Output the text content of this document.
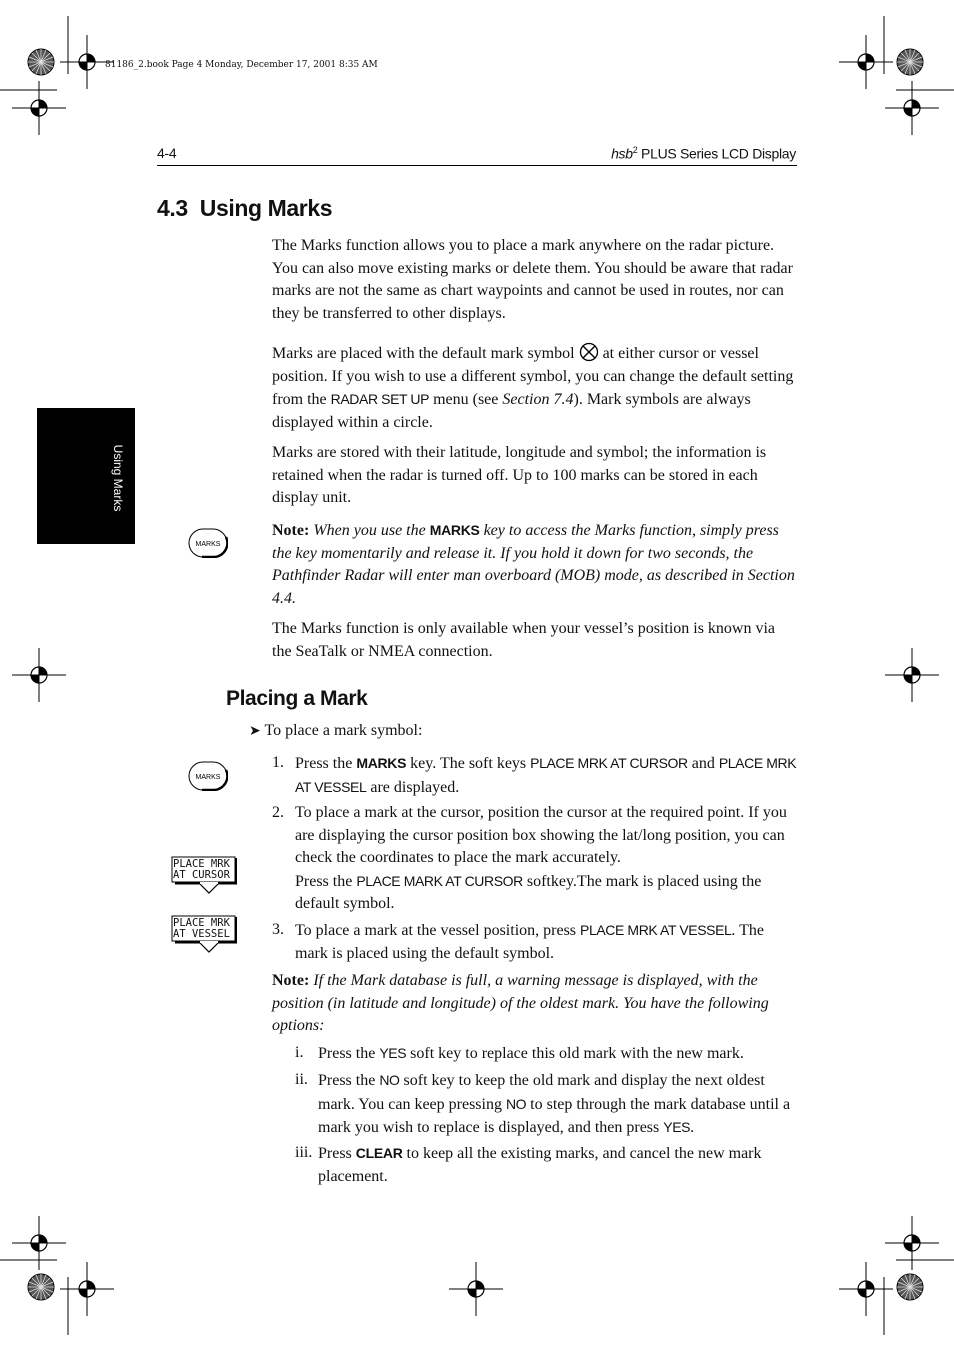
81186_2.book Page 4 Monday, December 17, 2001 8:35 AM
4-4	hsb$^2$ PLUS Series LCD Display
Using Marks
4.3 Using Marks
The Marks function allows you to place a mark anywhere on the radar picture. You can also move existing marks or delete them. You should be aware that radar marks are not the same as chart waypoints and cannot be used in routes, nor can they be transferred to other displays.
Marks are placed with the default mark symbol at either cursor or vessel position. If you wish to use a different symbol, you can change the default setting from the RADAR SET UP menu (see Section 7.4). Mark symbols are always displayed within a circle.
Marks are stored with their latitude, longitude and symbol; the information is retained when the radar is turned off. Up to 100 marks can be stored in each display unit.
MARKS
Note: When you use the MARKS key to access the Marks function, simply press the key momentarily and release it. If you hold it down for two seconds, the Pathfinder Radar will enter man overboard (MOB) mode, as described in Section 4.4.
The Marks function is only available when your vessel’s position is known via the SeaTalk or NMEA connection.
Placing a Mark
➤ To place a mark symbol:
MARKS
1. Press the MARKS key. The soft keys PLACE MRK AT CURSOR and PLACE MRK AT VESSEL are displayed.
2. To place a mark at the cursor, position the cursor at the required point. If you are displaying the cursor position box showing the lat/long position, you can check the coordinates to place the mark accurately.
Press the PLACE MARK AT CURSOR softkey.The mark is placed using the default symbol.
PLACE MRK
AT CURSOR
PLACE MRK
AT VESSEL	3. To place a mark at the vessel position, press PLACE MRK AT VESSEL. The mark is placed using the default symbol.
Note: If the Mark database is full, a warning message is displayed, with the position (in latitude and longitude) of the oldest mark. You have the following options:
i. Press the YES soft key to replace this old mark with the new mark.
ii. Press the NO soft key to keep the old mark and display the next oldest mark. You can keep pressing NO to step through the mark database until a mark you wish to replace is displayed, and then press YES.
iii. Press CLEAR to keep all the existing marks, and cancel the new mark placement.
